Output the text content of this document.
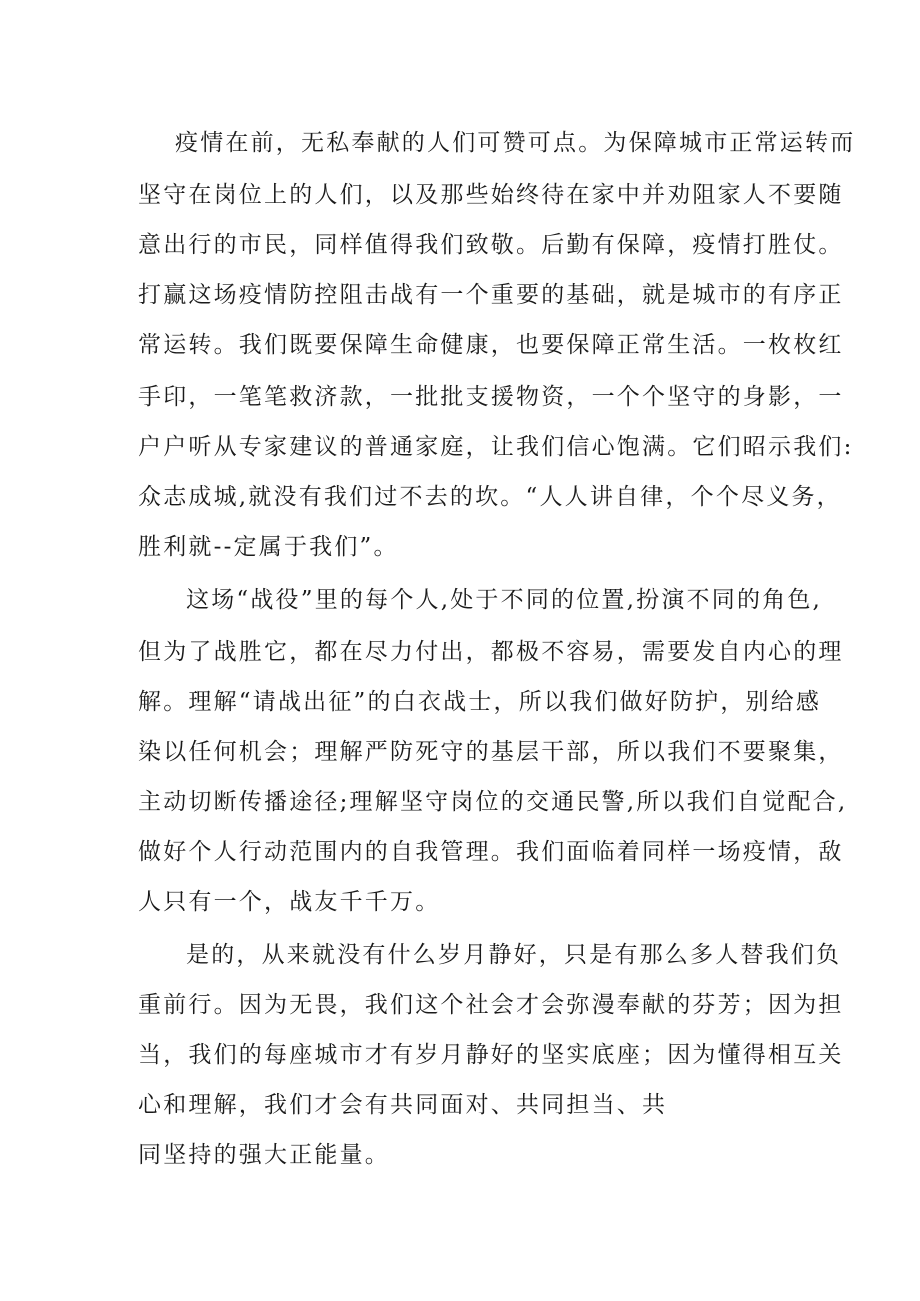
疫情在前，无私奉献的人们可赞可点。为保障城市正常运转而
坚守在岗位上的人们，以及那些始终待在家中并劝阻家人不要随
意出行的市民，同样值得我们致敬。后勤有保障，疫情打胜仗。
打赢这场疫情防控阻击战有一个重要的基础，就是城市的有序正
常运转。我们既要保障生命健康，也要保障正常生活。一枚枚红
手印，一笔笔救济款，一批批支援物资，一个个坚守的身影，一
户户听从专家建议的普通家庭，让我们信心饱满。它们昭示我们:
众志成城,就没有我们过不去的坎。“人人讲自律，个个尽义务，
胜利就--定属于我们”。
这场“战役”里的每个人,处于不同的位置,扮演不同的角色,
但为了战胜它，都在尽力付出，都极不容易，需要发自内心的理
解。理解“请战出征”的白衣战士，所以我们做好防护，别给感
染以任何机会；理解严防死守的基层干部，所以我们不要聚集，
主动切断传播途径;理解坚守岗位的交通民警,所以我们自觉配合,
做好个人行动范围内的自我管理。我们面临着同样一场疫情，敌
人只有一个，战友千千万。
是的，从来就没有什么岁月静好，只是有那么多人替我们负
重前行。因为无畏，我们这个社会才会弥漫奉献的芬芳；因为担
当，我们的每座城市才有岁月静好的坚实底座；因为懂得相互关
心和理解，我们才会有共同面对、共同担当、共
同坚持的强大正能量。
